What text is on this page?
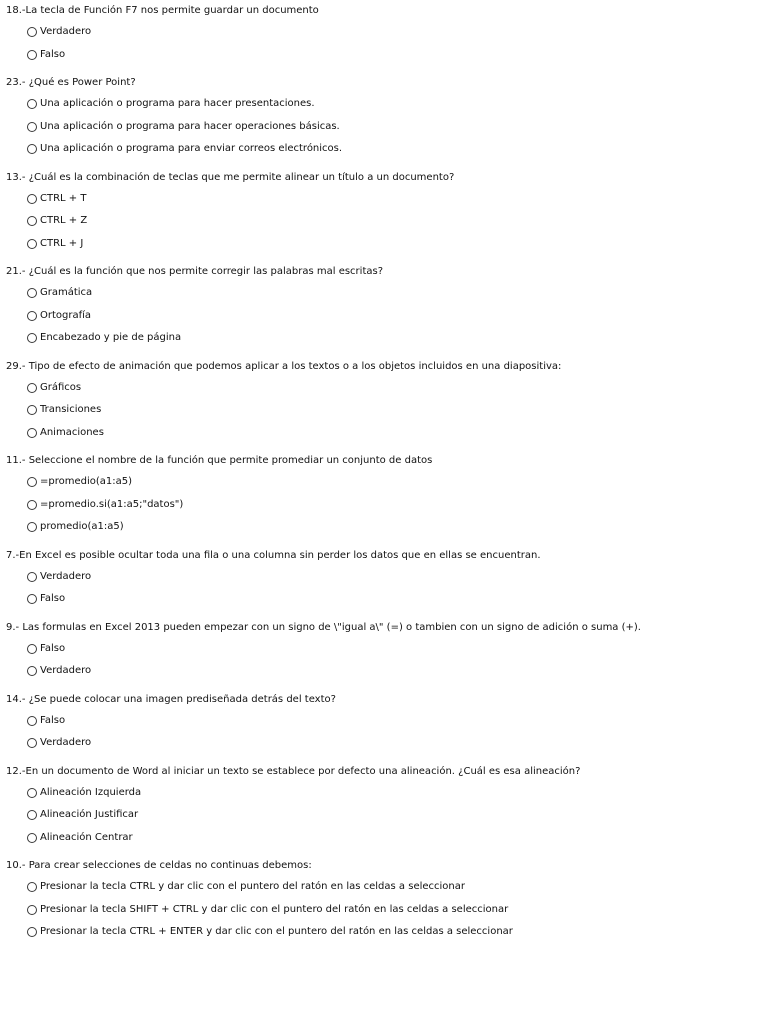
18.-La tecla de Función F7 nos permite guardar un documento
Verdadero
Falso
23.- ¿Qué es Power Point?
Una aplicación o programa para hacer presentaciones.
Una aplicación o programa para hacer operaciones básicas.
Una aplicación o programa para enviar correos electrónicos.
13.- ¿Cuál es la combinación de teclas que me permite alinear un título a un documento?
CTRL + T
CTRL + Z
CTRL + J
21.- ¿Cuál es la función que nos permite corregir las palabras mal escritas?
Gramática
Ortografía
Encabezado y pie de página
29.- Tipo de efecto de animación que podemos aplicar a los textos o a los objetos incluidos en una diapositiva:
Gráficos
Transiciones
Animaciones
11.- Seleccione el nombre de la función que permite promediar un conjunto de datos
=promedio(a1:a5)
=promedio.si(a1:a5;"datos")
promedio(a1:a5)
7.-En Excel es posible ocultar toda una fila o una columna sin perder los datos que en ellas se encuentran.
Verdadero
Falso
9.- Las formulas en Excel 2013 pueden empezar con un signo de \"igual a\" (=) o tambien con un signo de adición o suma (+).
Falso
Verdadero
14.- ¿Se puede colocar una imagen prediseñada detrás del texto?
Falso
Verdadero
12.-En un documento de Word al iniciar un texto se establece por defecto una alineación. ¿Cuál es esa alineación?
Alineación Izquierda
Alineación Justificar
Alineación Centrar
10.- Para crear selecciones de celdas no continuas debemos:
Presionar la tecla CTRL y dar clic con el puntero del ratón en las celdas a seleccionar
Presionar la tecla SHIFT + CTRL y dar clic con el puntero del ratón en las celdas a seleccionar
Presionar la tecla CTRL + ENTER y dar clic con el puntero del ratón en las celdas a seleccionar
